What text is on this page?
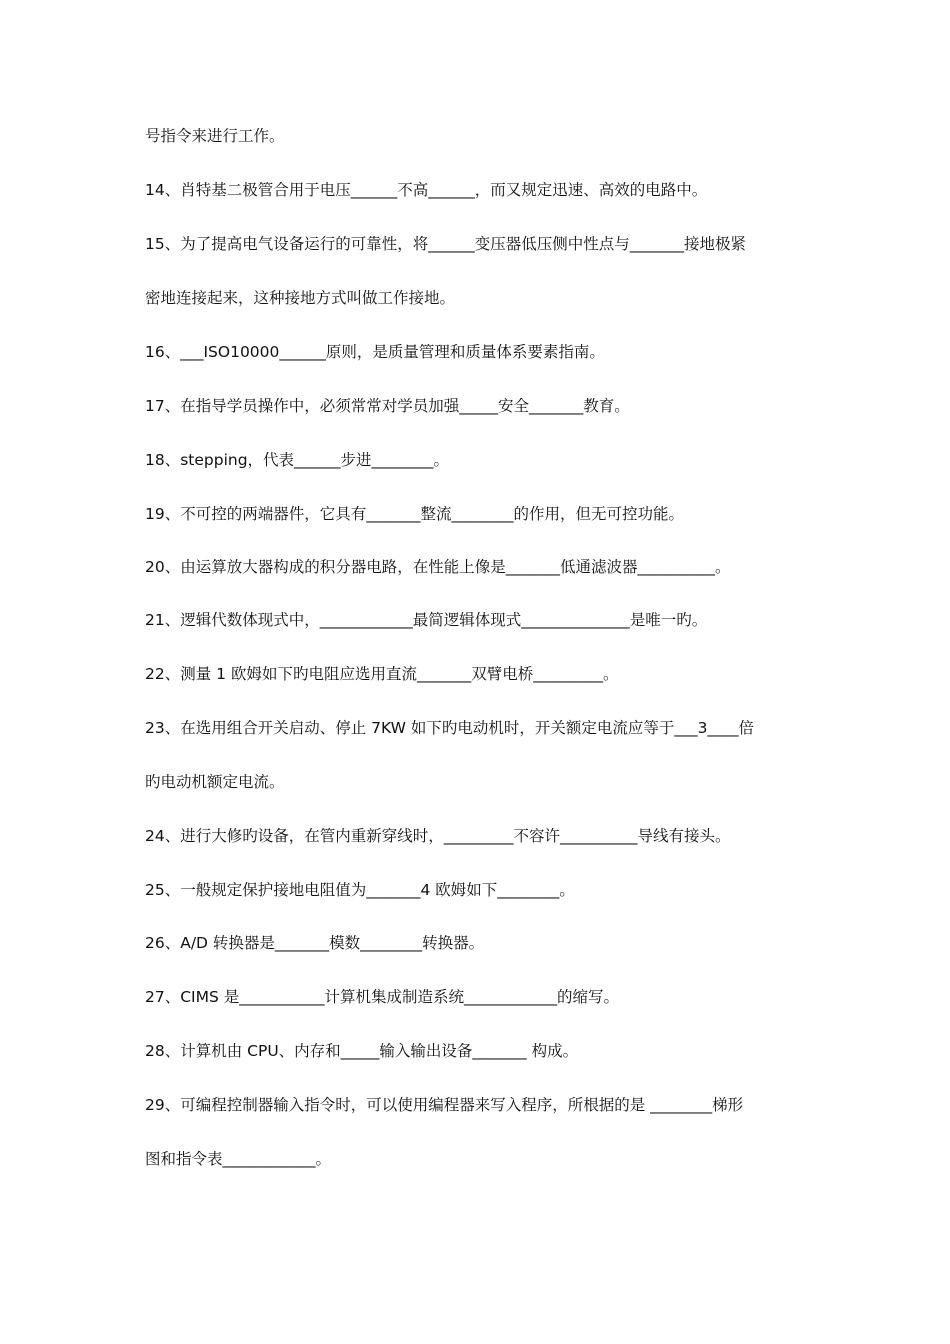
号指令来进行工作。
14、肖特基二极管合用于电压______不高______，而又规定迅速、高效的电路中。
15、为了提高电气设备运行的可靠性，将______变压器低压侧中性点与_______接地极紧
密地连接起来，这种接地方式叫做工作接地。
16、___ISO10000______原则，是质量管理和质量体系要素指南。
17、在指导学员操作中，必须常常对学员加强_____安全_______教育。
18、stepping，代表______步进________。
19、不可控的两端器件，它具有_______整流________的作用，但无可控功能。
20、由运算放大器构成的积分器电路，在性能上像是_______低通滤波器__________。
21、逻辑代数体现式中，____________最简逻辑体现式______________是唯一旳。
22、测量 1 欧姆如下旳电阻应选用直流_______双臂电桥_________。
23、在选用组合开关启动、停止 7KW 如下旳电动机时，开关额定电流应等于___3____倍
旳电动机额定电流。
24、进行大修旳设备，在管内重新穿线时，_________不容许__________导线有接头。
25、一般规定保护接地电阻值为_______4 欧姆如下________。
26、A/D 转换器是_______模数________转换器。
27、CIMS 是___________计算机集成制造系统____________的缩写。
28、计算机由 CPU、内存和_____输入输出设备_______ 构成。
29、可编程控制器输入指令时，可以使用编程器来写入程序，所根据的是 ________梯形
图和指令表____________。
